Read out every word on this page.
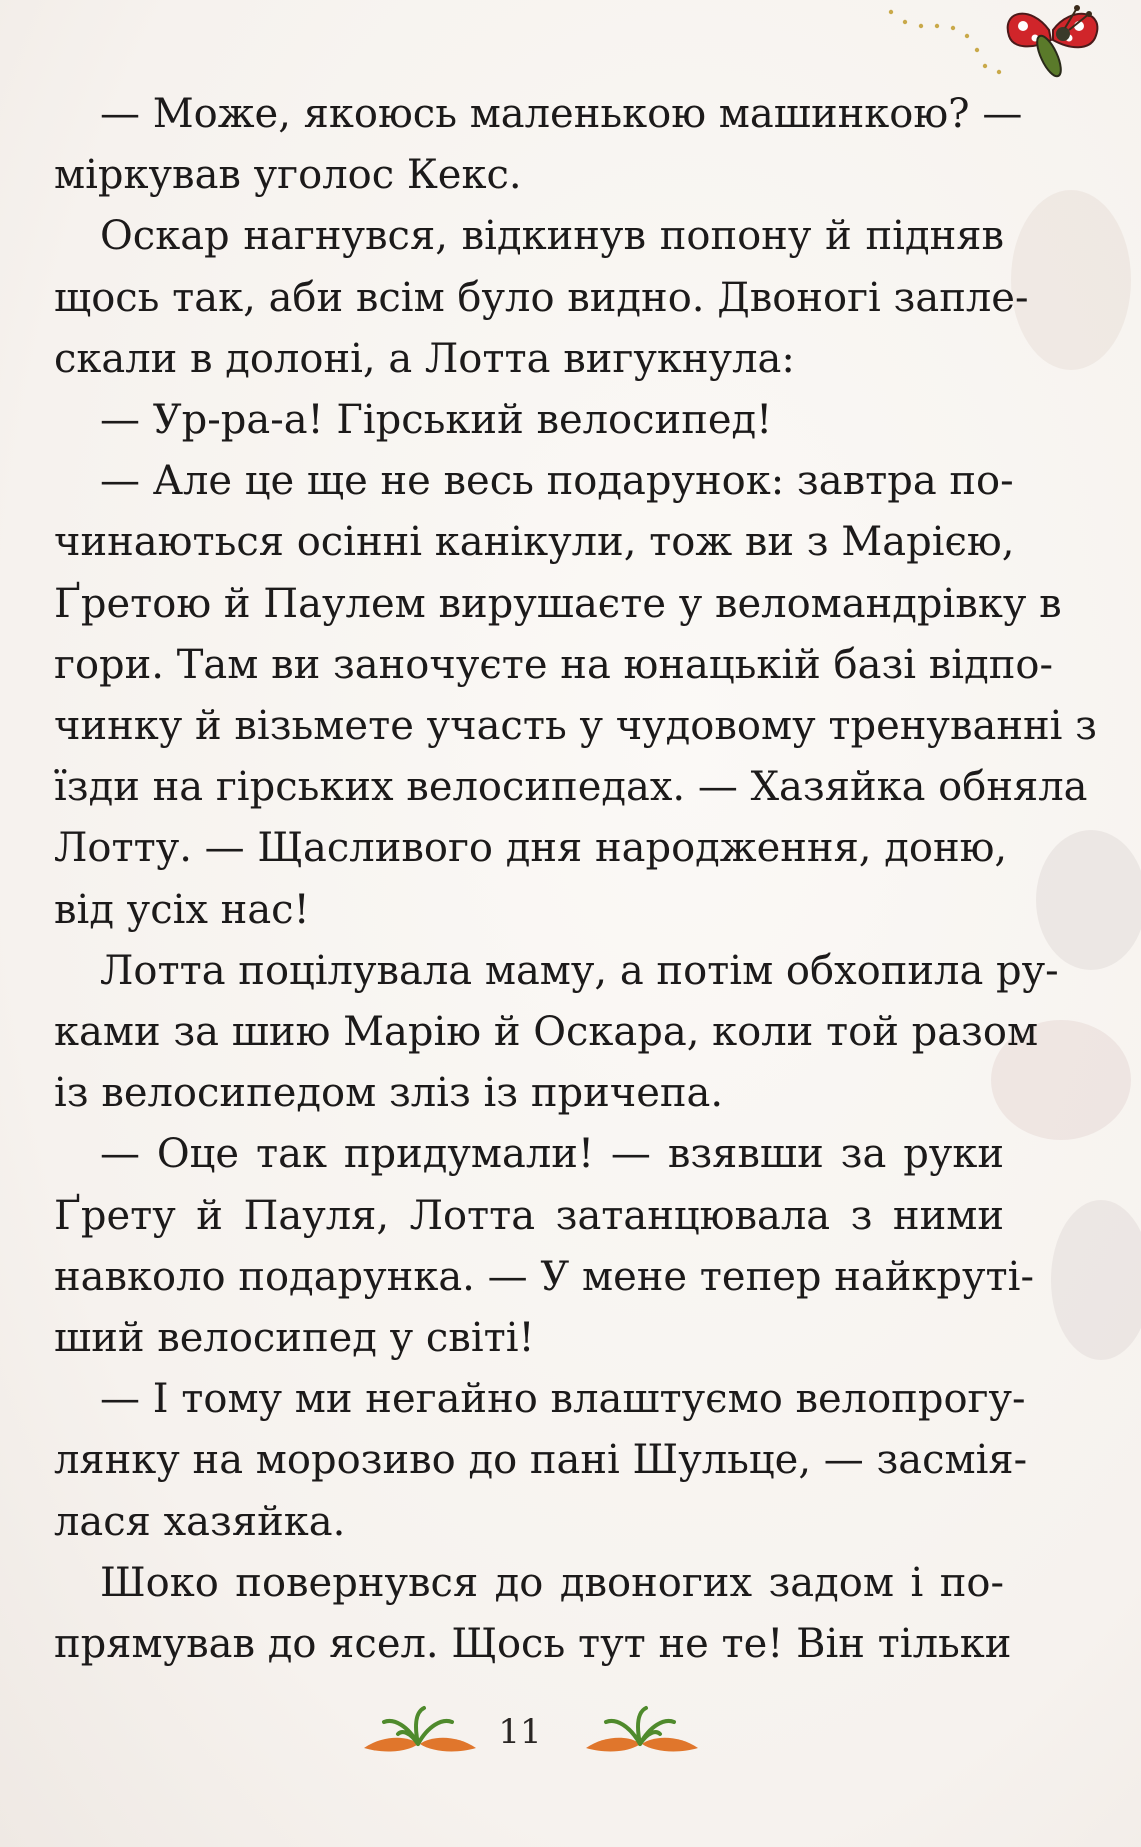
— Може, якоюсь маленькою машинкою? —
міркував уголос Кекс.

Оскар нагнувся, відкинув попону й підняв
щось так, аби всім було видно. Двоногі запле-
скали в долоні, а Лотта вигукнула:

— Ур-ра-а! Гірський велосипед!

— Але це ще не весь подарунок: завтра по-
чинаються осінні канікули, тож ви з Марією,
Ґретою й Паулем вирушаєте у веломандрівку в
гори. Там ви заночуєте на юнацькій базі відпо-
чинку й візьмете участь у чудовому тренуванні з
їзди на гірських велосипедах. — Хазяйка обняла
Лотту. — Щасливого дня народження, доню,
від усіх нас!

Лотта поцілувала маму, а потім обхопила ру-
ками за шию Марію й Оскара, коли той разом
із велосипедом зліз із причепа.

— Оце так придумали! — взявши за руки
Ґрету й Пауля, Лотта затанцювала з ними
навколо подарунка. — У мене тепер найкруті-
ший велосипед у світі!

— І тому ми негайно влаштуємо велопрогу-
лянку на морозиво до пані Шульце, — засмія-
лася хазяйка.

Шоко повернувся до двоногих задом і по-
прямував до ясел. Щось тут не те! Він тільки

11
